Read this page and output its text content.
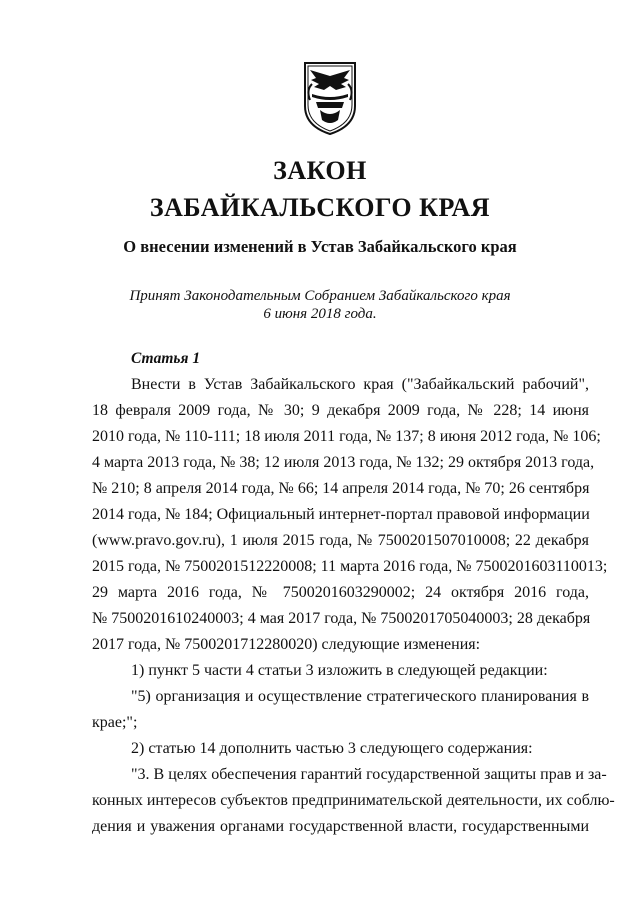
ЗАКОН
ЗАБАЙКАЛЬСКОГО КРАЯ
О внесении изменений в Устав Забайкальского края
Принят Законодательным Собранием Забайкальского края
6 июня 2018 года.
Статья 1
Внести в Устав Забайкальского края ("Забайкальский рабочий",
18 февраля 2009 года, № 30; 9 декабря 2009 года, № 228; 14 июня
2010 года, № 110-111; 18 июля 2011 года, № 137; 8 июня 2012 года, № 106;
4 марта 2013 года, № 38; 12 июля 2013 года, № 132; 29 октября 2013 года,
№ 210; 8 апреля 2014 года, № 66; 14 апреля 2014 года, № 70; 26 сентября
2014 года, № 184; Официальный интернет-портал правовой информации
(www.pravo.gov.ru), 1 июля 2015 года, № 7500201507010008; 22 декабря
2015 года, № 7500201512220008; 11 марта 2016 года, № 7500201603110013;
29 марта 2016 года, № 7500201603290002; 24 октября 2016 года,
№ 7500201610240003; 4 мая 2017 года, № 7500201705040003; 28 декабря
2017 года, № 7500201712280020) следующие изменения:
1) пункт 5 части 4 статьи 3 изложить в следующей редакции:
"5) организация и осуществление стратегического планирования в
крае;";
2) статью 14 дополнить частью 3 следующего содержания:
"3. В целях обеспечения гарантий государственной защиты прав и за-
конных интересов субъектов предпринимательской деятельности, их соблю-
дения и уважения органами государственной власти, государственными
